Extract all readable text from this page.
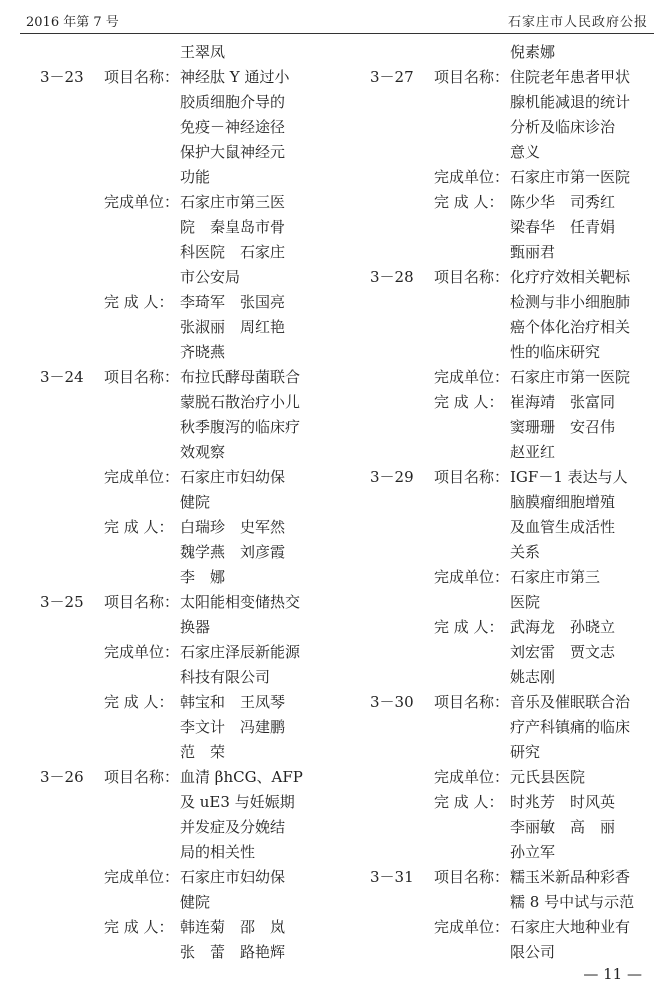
2016 年第 7 号	石家庄市人民政府公报
王翠凤
3－23	项目名称： 神经肽 Y 通过小
胶质细胞介导的
免疫－神经途径
保护大鼠神经元
功能
完成单位： 石家庄市第三医
院　秦皇岛市骨
科医院　石家庄
市公安局
完 成 人： 李琦军　张国亮
张淑丽　周红艳
齐晓燕
3－24	项目名称： 布拉氏酵母菌联合
蒙脱石散治疗小儿
秋季腹泻的临床疗
效观察
完成单位： 石家庄市妇幼保
健院
完 成 人： 白瑞珍　史军然
魏学燕　刘彦霞
李　娜
3－25	项目名称： 太阳能相变储热交
换器
完成单位： 石家庄泽辰新能源
科技有限公司
完 成 人： 韩宝和　王凤琴
李文计　冯建鹏
范　荣
3－26	项目名称： 血清 βhCG、AFP
及 uE3 与妊娠期
并发症及分娩结
局的相关性
完成单位： 石家庄市妇幼保
健院
完 成 人： 韩连菊　邵　岚
张　蕾　路艳辉
倪素娜
3－27	项目名称： 住院老年患者甲状
腺机能减退的统计
分析及临床诊治
意义
完成单位： 石家庄市第一医院
完 成 人： 陈少华　司秀红
梁春华　任青娟
甄丽君
3－28	项目名称： 化疗疗效相关靶标
检测与非小细胞肺
癌个体化治疗相关
性的临床研究
完成单位： 石家庄市第一医院
完 成 人： 崔海靖　张富同
窦珊珊　安召伟
赵亚红
3－29	项目名称： IGF－1 表达与人
脑膜瘤细胞增殖
及血管生成活性
关系
完成单位： 石家庄市第三
医院
完 成 人： 武海龙　孙晓立
刘宏雷　贾文志
姚志刚
3－30	项目名称： 音乐及催眠联合治
疗产科镇痛的临床
研究
完成单位： 元氏县医院
完 成 人： 时兆芳　时风英
李丽敏　高　丽
孙立军
3－31	项目名称： 糯玉米新品种彩香
糯 8 号中试与示范
完成单位： 石家庄大地种业有
限公司
— 11 —
